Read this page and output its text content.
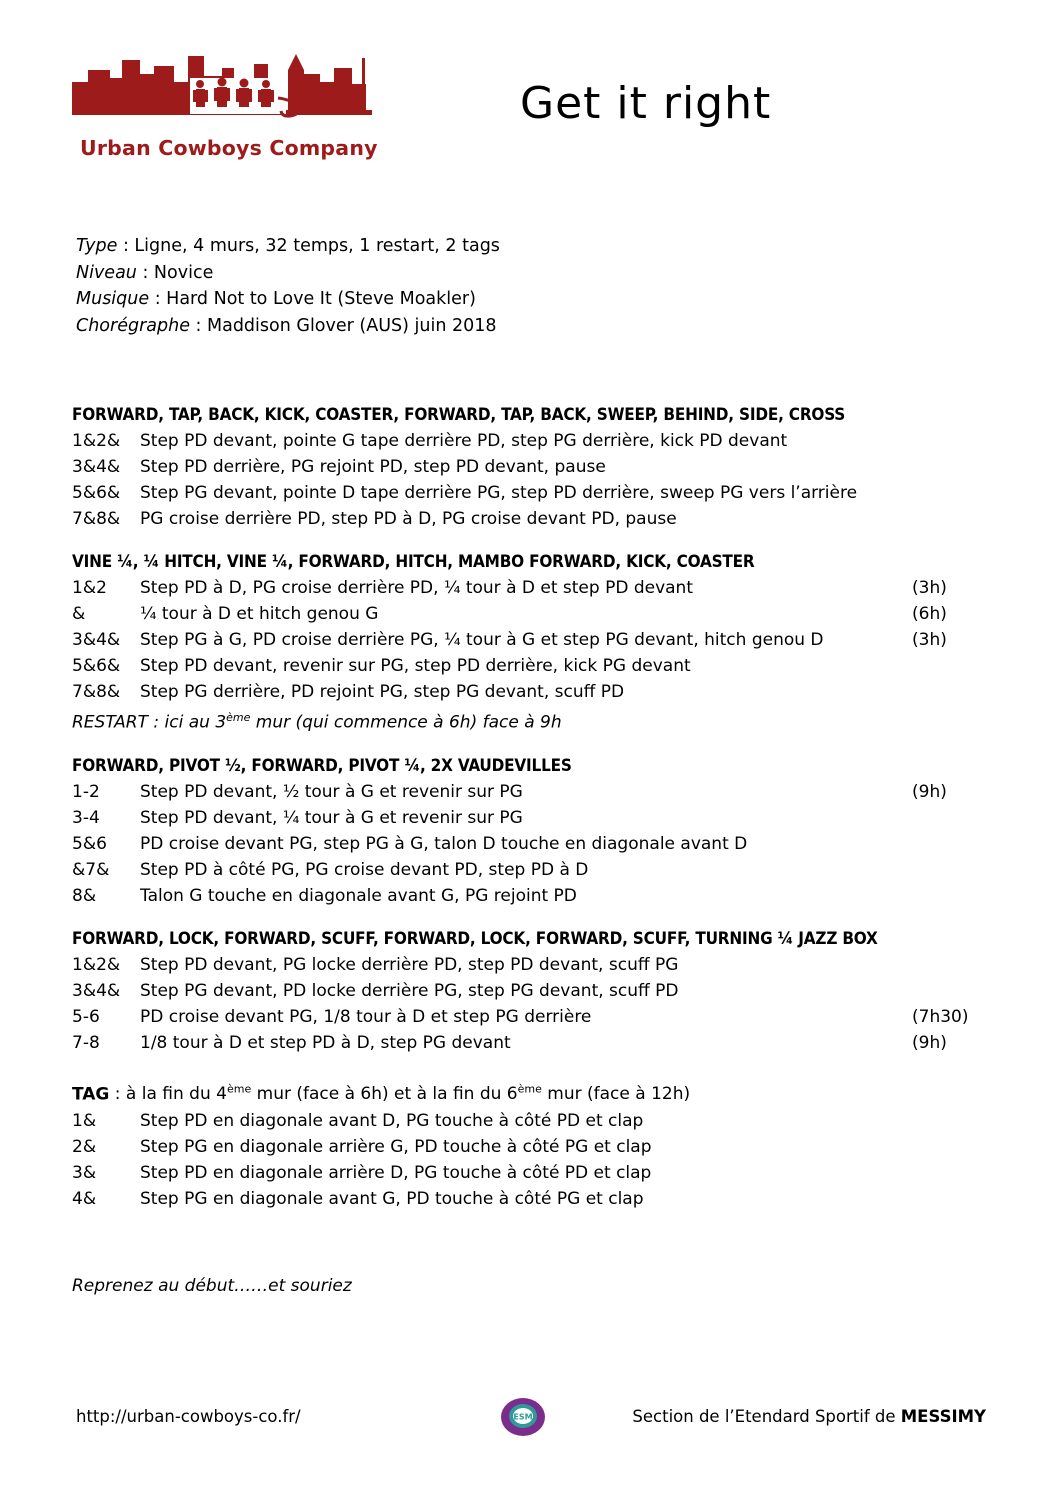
Urban Cowboys Company
Get it right
Type : Ligne, 4 murs, 32 temps, 1 restart, 2 tags
Niveau : Novice
Musique : Hard Not to Love It (Steve Moakler)
Chorégraphe : Maddison Glover (AUS) juin 2018
FORWARD, TAP, BACK, KICK, COASTER, FORWARD, TAP, BACK, SWEEP, BEHIND, SIDE, CROSS
1&2&	Step PD devant, pointe G tape derrière PD, step PG derrière, kick PD devant
3&4&	Step PD derrière, PG rejoint PD, step PD devant, pause
5&6&	Step PG devant, pointe D tape derrière PG, step PD derrière, sweep PG vers l’arrière
7&8&	PG croise derrière PD, step PD à D, PG croise devant PD, pause
VINE ¼, ¼ HITCH, VINE ¼, FORWARD, HITCH, MAMBO FORWARD, KICK, COASTER
1&2	Step PD à D, PG croise derrière PD, ¼ tour à D et step PD devant	(3h)
&	¼ tour à D et hitch genou G	(6h)
3&4&	Step PG à G, PD croise derrière PG, ¼ tour à G et step PG devant, hitch genou D	(3h)
5&6&	Step PD devant, revenir sur PG, step PD derrière, kick PG devant
7&8&	Step PG derrière, PD rejoint PG, step PG devant, scuff PD
RESTART : ici au 3ème mur (qui commence à 6h) face à 9h
FORWARD, PIVOT ½, FORWARD, PIVOT ¼, 2X VAUDEVILLES
1-2	Step PD devant, ½ tour à G et revenir sur PG	(9h)
3-4	Step PD devant, ¼ tour à G et revenir sur PG
5&6	PD croise devant PG, step PG à G, talon D touche en diagonale avant D
&7&	Step PD à côté PG, PG croise devant PD, step PD à D
8&	Talon G touche en diagonale avant G, PG rejoint PD
FORWARD, LOCK, FORWARD, SCUFF, FORWARD, LOCK, FORWARD, SCUFF, TURNING ¼ JAZZ BOX
1&2&	Step PD devant, PG locke derrière PD, step PD devant, scuff PG
3&4&	Step PG devant, PD locke derrière PG, step PG devant, scuff PD
5-6	PD croise devant PG, 1/8 tour à D et step PG derrière	(7h30)
7-8	1/8 tour à D et step PD à D, step PG devant	(9h)
TAG : à la fin du 4ème mur (face à 6h) et à la fin du 6ème mur (face à 12h)
1&	Step PD en diagonale avant D, PG touche à côté PD et clap
2&	Step PG en diagonale arrière G, PD touche à côté PG et clap
3&	Step PD en diagonale arrière D, PG touche à côté PD et clap
4&	Step PG en diagonale avant G, PD touche à côté PG et clap
Reprenez au début……et souriez
http://urban-cowboys-co.fr/	ESM	Section de l’Etendard Sportif de MESSIMY
